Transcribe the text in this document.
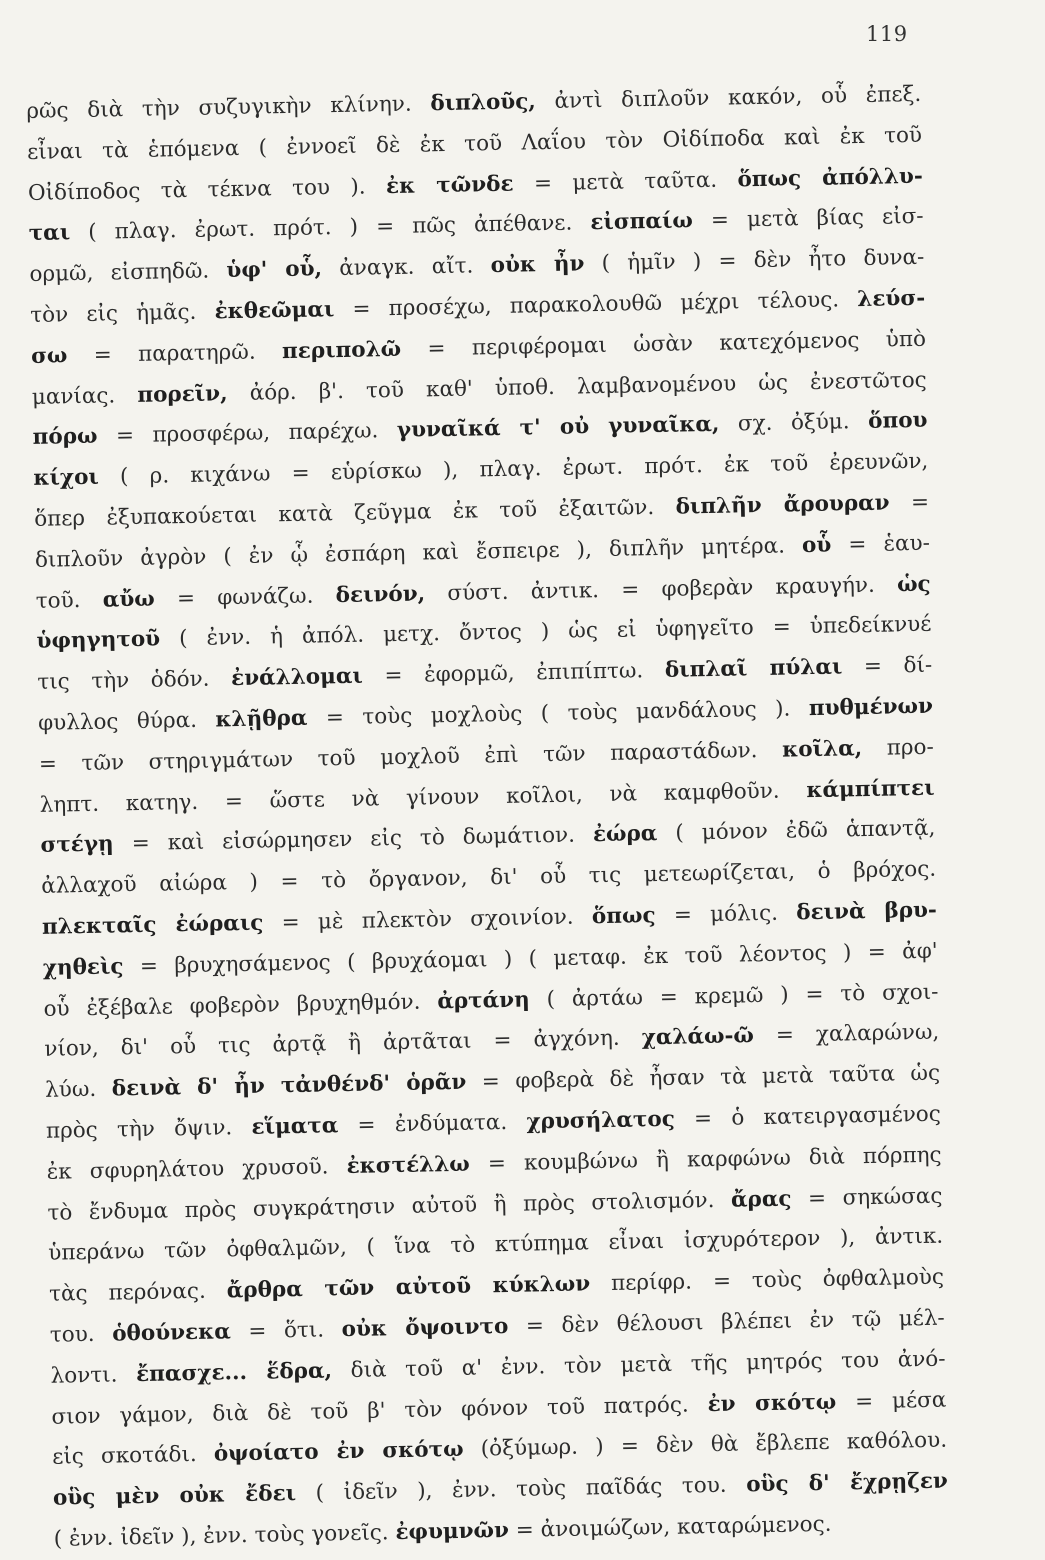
119
ρῶς διὰ τὴν συζυγικὴν κλίνην. διπλοῦς, ἀντὶ διπλοῦν κακόν, οὗ ἐπεξ.
εἶναι τὰ ἑπόμενα ( ἐννοεῖ δὲ ἐκ τοῦ Λαΐου τὸν Οἰδίποδα καὶ ἐκ τοῦ
Οἰδίποδος τὰ τέκνα του ). ἐκ τῶνδε = μετὰ ταῦτα. ὅπως ἀπόλλυ-
ται ( πλαγ. ἐρωτ. πρότ. ) = πῶς ἀπέθανε. εἰσπαίω = μετὰ βίας εἰσ-
ορμῶ, εἰσπηδῶ. ὑφ' οὗ, ἀναγκ. αἴτ. οὐκ ἦν ( ἡμῖν ) = δὲν ἦτο δυνα-
τὸν εἰς ἡμᾶς. ἐκθεῶμαι = προσέχω, παρακολουθῶ μέχρι τέλους. λεύσ-
σω = παρατηρῶ. περιπολῶ = περιφέρομαι ὡσὰν κατεχόμενος ὑπὸ
μανίας. πορεῖν, ἀόρ. β'. τοῦ καθ' ὑποθ. λαμβανομένου ὡς ἐνεστῶτος
πόρω = προσφέρω, παρέχω. γυναῖκά τ' οὐ γυναῖκα, σχ. ὀξύμ. ὅπου
κίχοι ( ρ. κιχάνω = εὑρίσκω ), πλαγ. ἐρωτ. πρότ. ἐκ τοῦ ἐρευνῶν,
ὅπερ ἐξυπακούεται κατὰ ζεῦγμα ἐκ τοῦ ἐξαιτῶν. διπλῆν ἄρουραν =
διπλοῦν ἀγρὸν ( ἐν ᾧ ἐσπάρη καὶ ἔσπειρε ), διπλῆν μητέρα. οὗ = ἑαυ-
τοῦ. αὔω = φωνάζω. δεινόν, σύστ. ἀντικ. = φοβερὰν κραυγήν. ὡς
ὑφηγητοῦ ( ἐνν. ἡ ἀπόλ. μετχ. ὄντος ) ὡς εἰ ὑφηγεῖτο = ὑπεδείκνυέ
τις τὴν ὁδόν. ἐνάλλομαι = ἐφορμῶ, ἐπιπίπτω. διπλαῖ πύλαι = δί-
φυλλος θύρα. κλῇθρα = τοὺς μοχλοὺς ( τοὺς μανδάλους ). πυθμένων
= τῶν στηριγμάτων τοῦ μοχλοῦ ἐπὶ τῶν παραστάδων. κοῖλα, προ-
ληπτ. κατηγ. = ὥστε νὰ γίνουν κοῖλοι, νὰ καμφθοῦν. κάμπίπτει
στέγῃ = καὶ εἰσώρμησεν εἰς τὸ δωμάτιον. ἐώρα ( μόνον ἐδῶ ἁπαντᾷ,
ἀλλαχοῦ αἰώρα ) = τὸ ὄργανον, δι' οὗ τις μετεωρίζεται, ὁ βρόχος.
πλεκταῖς ἐώραις = μὲ πλεκτὸν σχοινίον. ὅπως = μόλις. δεινὰ βρυ-
χηθεὶς = βρυχησάμενος ( βρυχάομαι ) ( μεταφ. ἐκ τοῦ λέοντος ) = ἀφ'
οὗ ἐξέβαλε φοβερὸν βρυχηθμόν. ἀρτάνη ( ἀρτάω = κρεμῶ ) = τὸ σχοι-
νίον, δι' οὗ τις ἀρτᾷ ἢ ἀρτᾶται = ἀγχόνη. χαλάω-ῶ = χαλαρώνω,
λύω. δεινὰ δ' ἦν τἀνθένδ' ὁρᾶν = φοβερὰ δὲ ἦσαν τὰ μετὰ ταῦτα ὡς
πρὸς τὴν ὄψιν. εἵματα = ἐνδύματα. χρυσήλατος = ὁ κατειργασμένος
ἐκ σφυρηλάτου χρυσοῦ. ἐκστέλλω = κουμβώνω ἢ καρφώνω διὰ πόρπης
τὸ ἔνδυμα πρὸς συγκράτησιν αὐτοῦ ἢ πρὸς στολισμόν. ἄρας = σηκώσας
ὑπεράνω τῶν ὀφθαλμῶν, ( ἵνα τὸ κτύπημα εἶναι ἰσχυρότερον ), ἀντικ.
τὰς περόνας. ἄρθρα τῶν αὐτοῦ κύκλων περίφρ. = τοὺς ὀφθαλμοὺς
του. ὁθούνεκα = ὅτι. οὐκ ὄψοιντο = δὲν θέλουσι βλέπει ἐν τῷ μέλ-
λοντι. ἔπασχε... ἕδρα, διὰ τοῦ α' ἐνν. τὸν μετὰ τῆς μητρός του ἀνό-
σιον γάμον, διὰ δὲ τοῦ β' τὸν φόνον τοῦ πατρός. ἐν σκότῳ = μέσα
εἰς σκοτάδι. ὀψοίατο ἐν σκότῳ (ὀξύμωρ. ) = δὲν θὰ ἔβλεπε καθόλου.
οὓς μὲν οὐκ ἔδει ( ἰδεῖν ), ἐνν. τοὺς παῖδάς του. οὓς δ' ἔχρῃζεν
( ἐνν. ἰδεῖν ), ἐνν. τοὺς γονεῖς. ἐφυμνῶν = ἀνοιμώζων, καταρώμενος.
